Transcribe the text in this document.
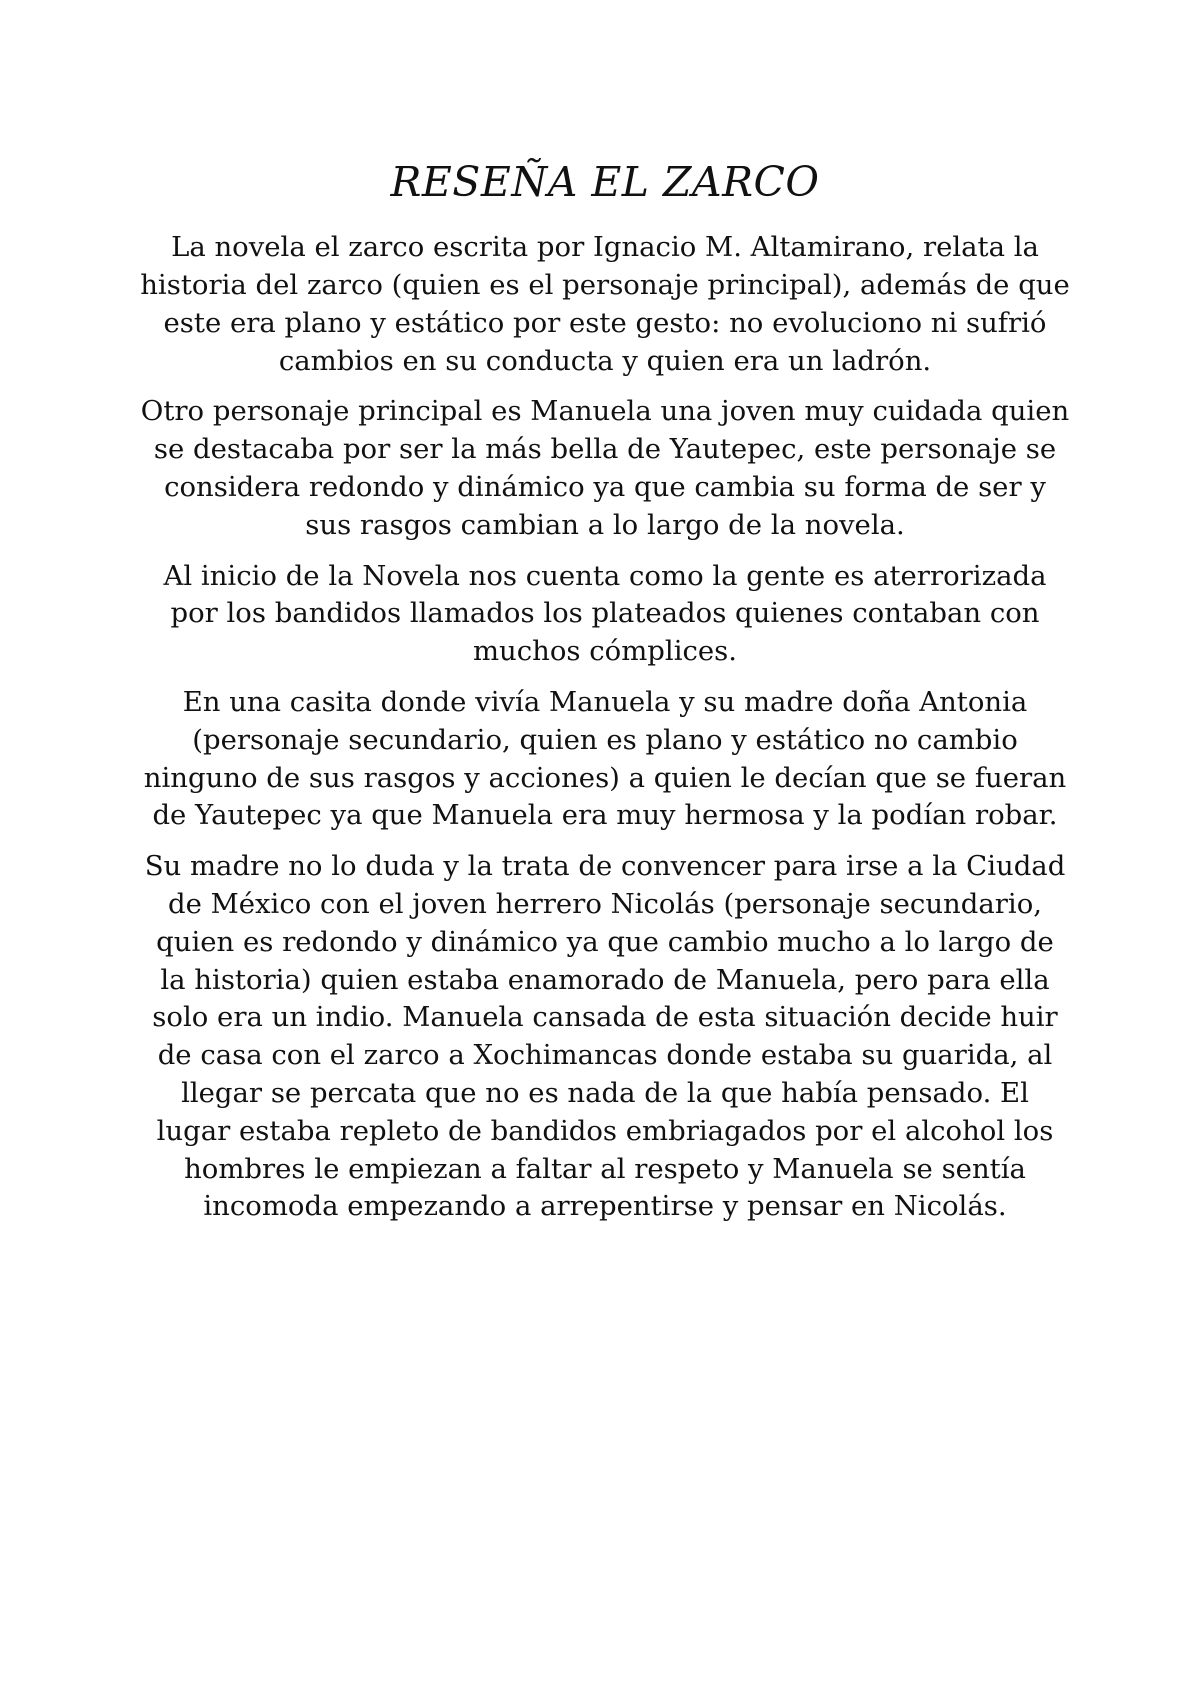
RESEÑA EL ZARCO

La novela el zarco escrita por Ignacio M. Altamirano, relata la historia del zarco (quien es el personaje principal), además de que este era plano y estático por este gesto: no evoluciono ni sufrió cambios en su conducta y quien era un ladrón.

Otro personaje principal es Manuela una joven muy cuidada quien se destacaba por ser la más bella de Yautepec, este personaje se considera redondo y dinámico ya que cambia su forma de ser y sus rasgos cambian a lo largo de la novela.

Al inicio de la Novela nos cuenta como la gente es aterrorizada por los bandidos llamados los plateados quienes contaban con muchos cómplices.

En una casita donde vivía Manuela y su madre doña Antonia (personaje secundario, quien es plano y estático no cambio ninguno de sus rasgos y acciones) a quien le decían que se fueran de Yautepec ya que Manuela era muy hermosa y la podían robar.

Su madre no lo duda y la trata de convencer para irse a la Ciudad de México con el joven herrero Nicolás (personaje secundario, quien es redondo y dinámico ya que cambio mucho a lo largo de la historia) quien estaba enamorado de Manuela, pero para ella solo era un indio. Manuela cansada de esta situación decide huir de casa con el zarco a Xochimancas donde estaba su guarida, al llegar se percata que no es nada de la que había pensado. El lugar estaba repleto de bandidos embriagados por el alcohol los hombres le empiezan a faltar al respeto y Manuela se sentía incomoda empezando a arrepentirse y pensar en Nicolás.
